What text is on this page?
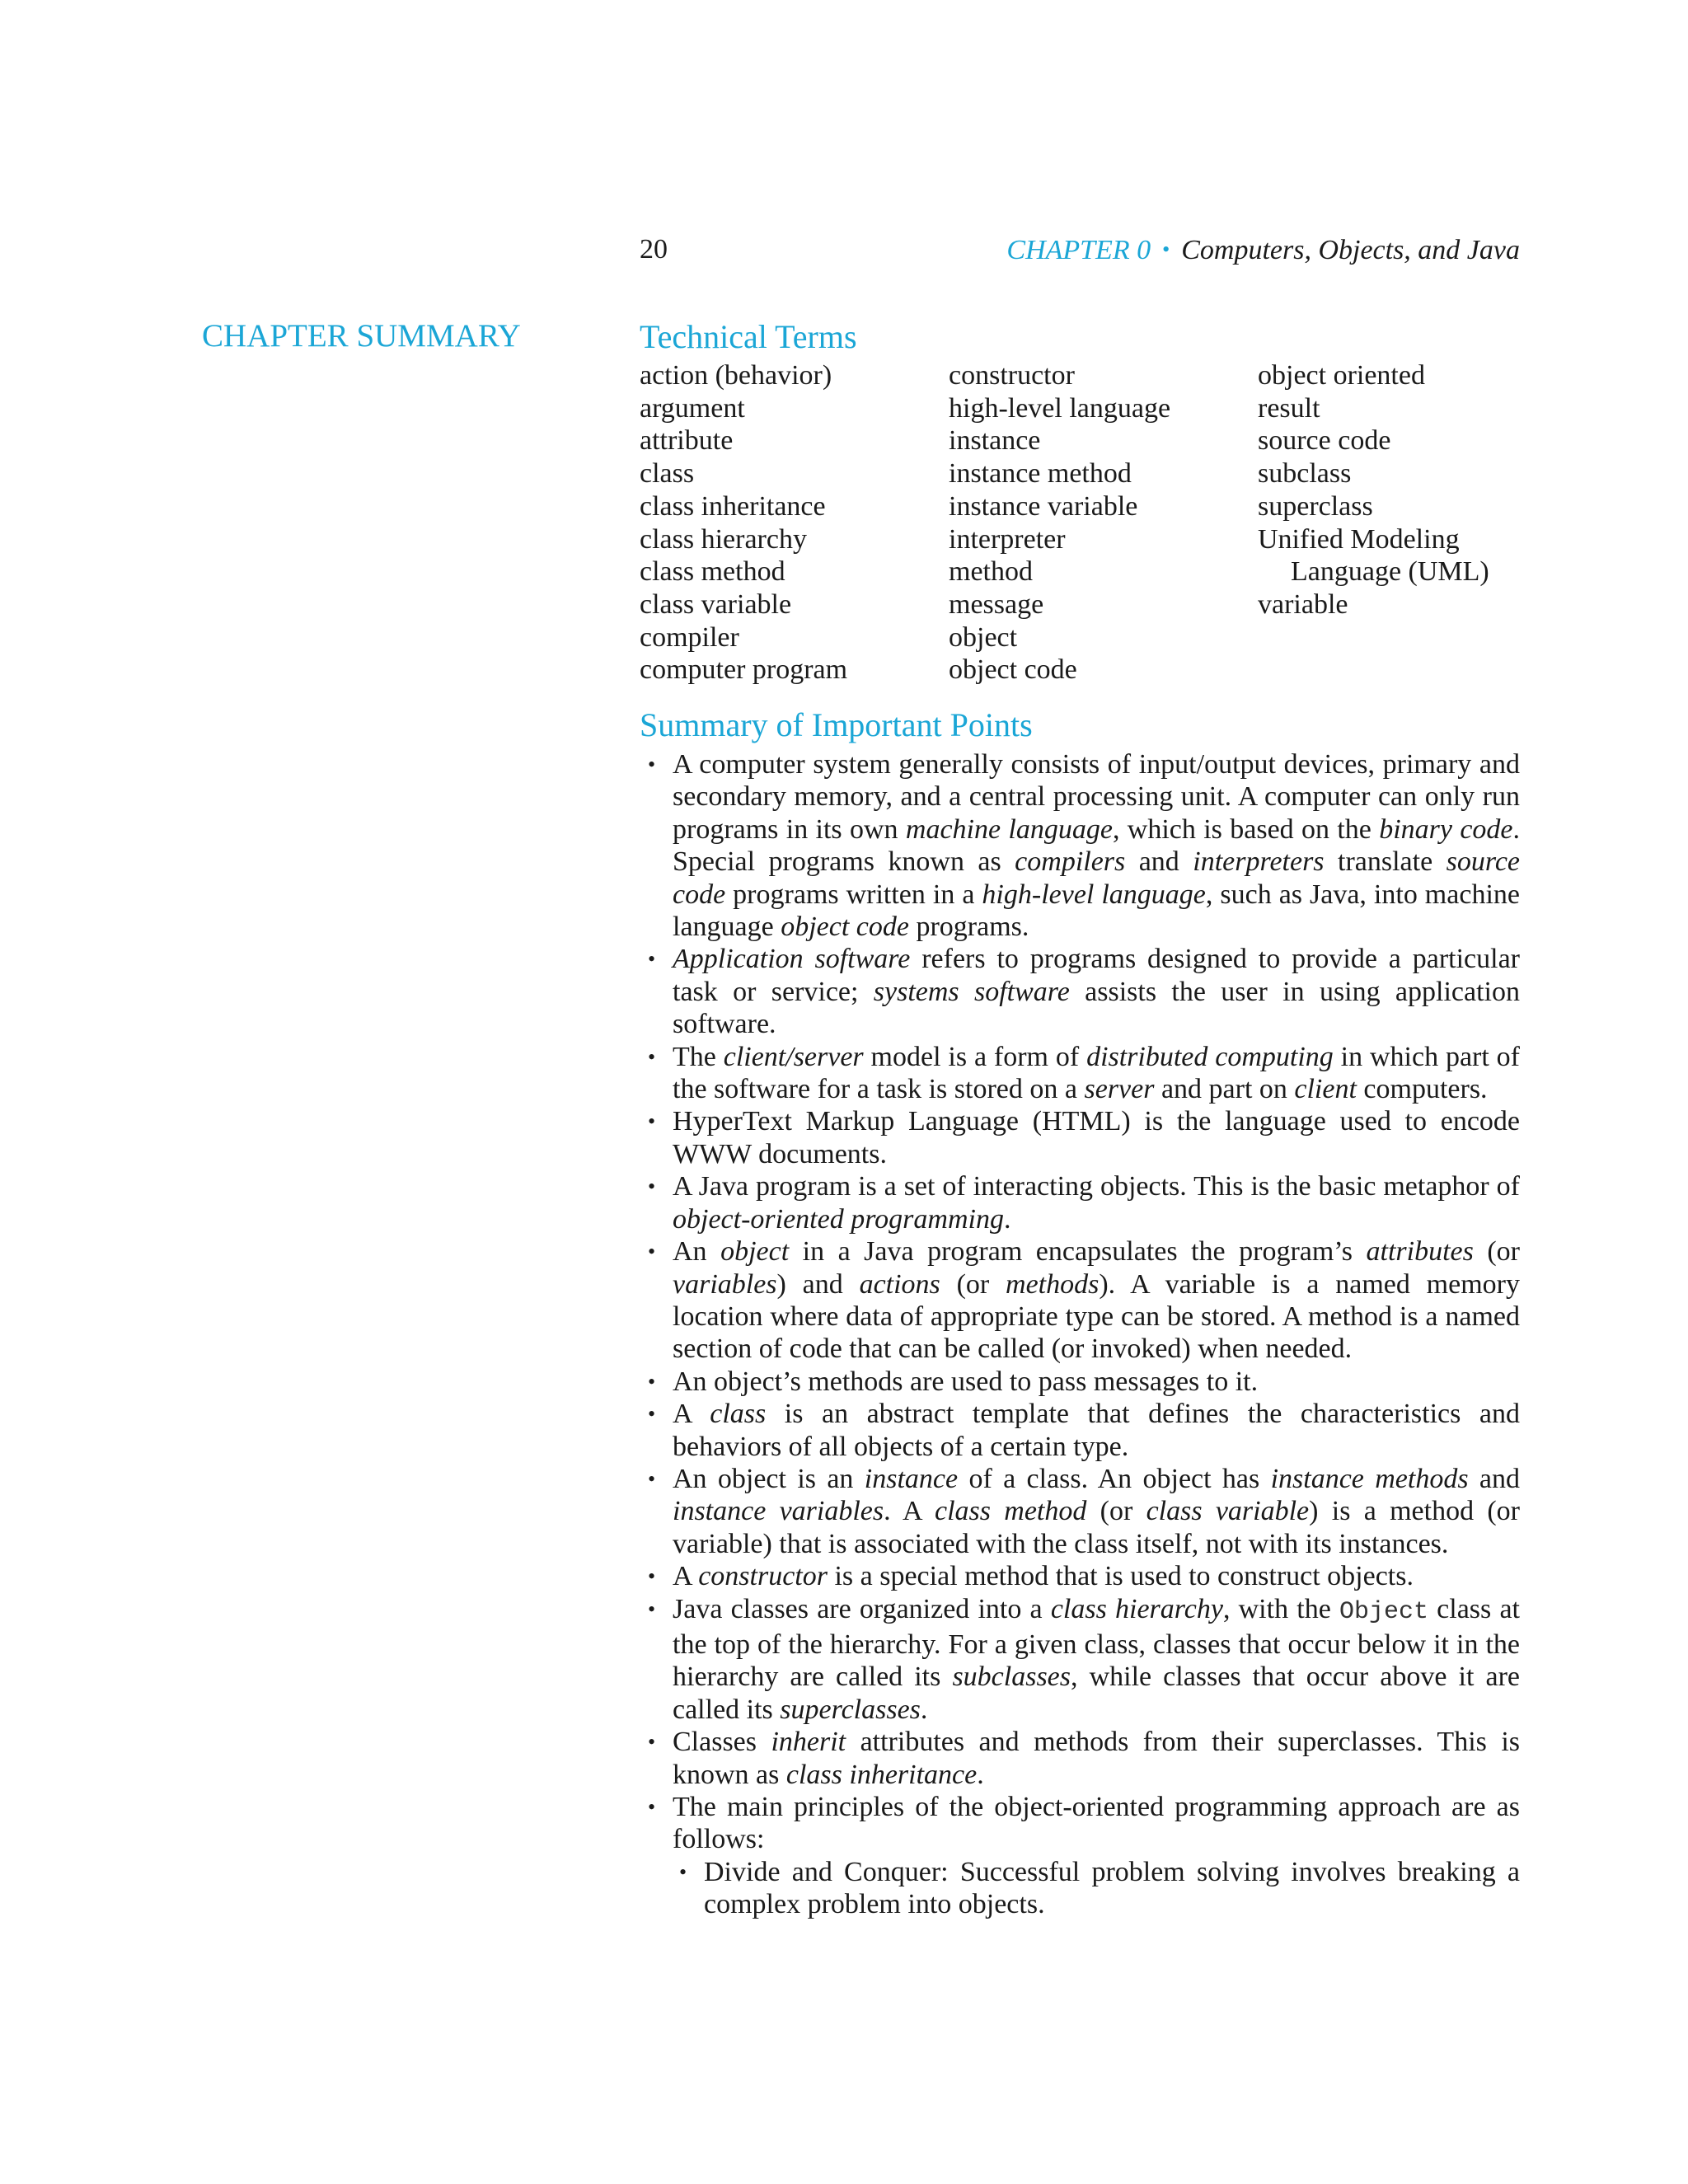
20	CHAPTER 0 • Computers, Objects, and Java
CHAPTER SUMMARY	Technical Terms
action (behavior)
argument
attribute
class
class inheritance
class hierarchy
class method
class variable
compiler
computer program
constructor
high-level language
instance
instance method
instance variable
interpreter
method
message
object
object code
object oriented
result
source code
subclass
superclass
Unified Modeling
Language (UML)
variable
Summary of Important Points
• A computer system generally consists of input/output devices, primary and secondary memory, and a central processing unit. A computer can only run programs in its own machine language, which is based on the binary code. Special programs known as compilers and interpreters translate source code programs written in a high-level language, such as Java, into machine language object code programs.
• Application software refers to programs designed to provide a particular task or service; systems software assists the user in using application software.
• The client/server model is a form of distributed computing in which part of the software for a task is stored on a server and part on client computers.
• HyperText Markup Language (HTML) is the language used to encode WWW documents.
• A Java program is a set of interacting objects. This is the basic metaphor of object-oriented programming.
• An object in a Java program encapsulates the program’s attributes (or variables) and actions (or methods). A variable is a named memory location where data of appropriate type can be stored. A method is a named section of code that can be called (or invoked) when needed.
• An object’s methods are used to pass messages to it.
• A class is an abstract template that defines the characteristics and behaviors of all objects of a certain type.
• An object is an instance of a class. An object has instance methods and instance variables. A class method (or class variable) is a method (or variable) that is associated with the class itself, not with its instances.
• A constructor is a special method that is used to construct objects.
• Java classes are organized into a class hierarchy, with the Object class at the top of the hierarchy. For a given class, classes that occur below it in the hierarchy are called its subclasses, while classes that occur above it are called its superclasses.
• Classes inherit attributes and methods from their superclasses. This is known as class inheritance.
• The main principles of the object-oriented programming approach are as follows:
• Divide and Conquer: Successful problem solving involves breaking a complex problem into objects.
